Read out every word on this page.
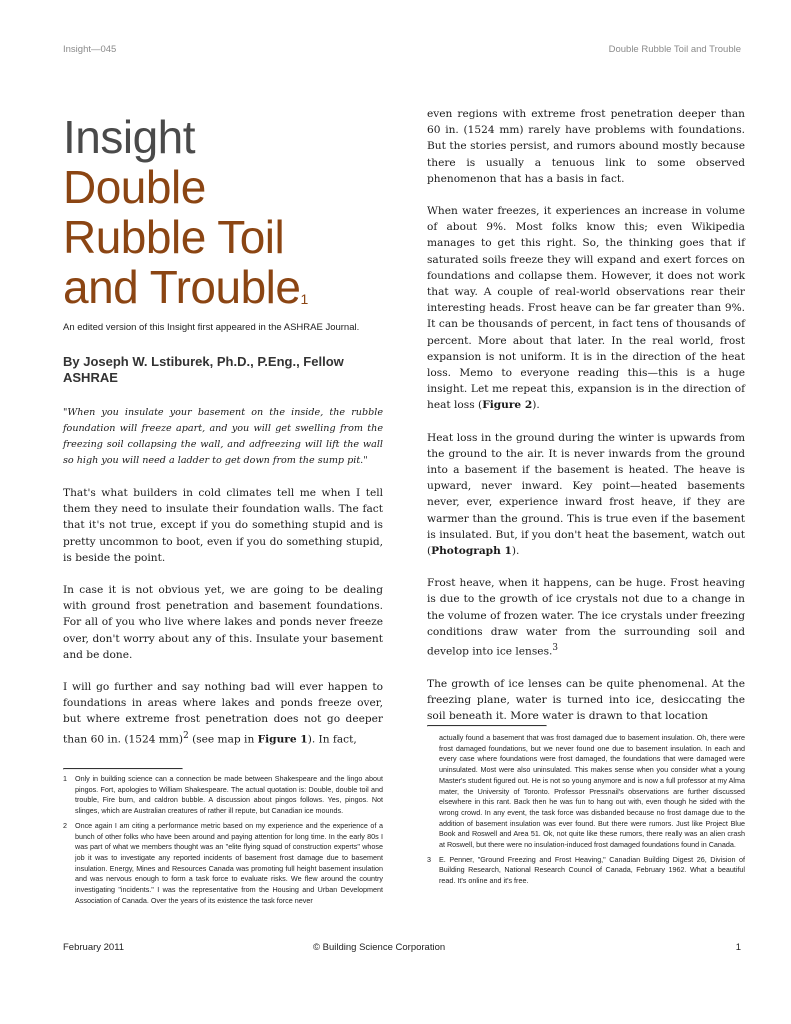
Insight—045	Double Rubble Toil and Trouble
Insight
Double
Rubble Toil
and Trouble$^1$

An edited version of this Insight first appeared in the ASHRAE Journal.

By Joseph W. Lstiburek, Ph.D., P.Eng., Fellow ASHRAE

"When you insulate your basement on the inside, the rubble foundation will freeze apart, and you will get swelling from the freezing soil collapsing the wall, and adfreezing will lift the wall so high you will need a ladder to get down from the sump pit."

That's what builders in cold climates tell me when I tell them they need to insulate their foundation walls. The fact that it's not true, except if you do something stupid and is pretty uncommon to boot, even if you do something stupid, is beside the point.

In case it is not obvious yet, we are going to be dealing with ground frost penetration and basement foundations. For all of you who live where lakes and ponds never freeze over, don't worry about any of this. Insulate your basement and be done.

I will go further and say nothing bad will ever happen to foundations in areas where lakes and ponds freeze over, but where extreme frost penetration does not go deeper than 60 in. (1524 mm)$^2$ (see map in Figure 1). In fact,

even regions with extreme frost penetration deeper than 60 in. (1524 mm) rarely have problems with foundations. But the stories persist, and rumors abound mostly because there is usually a tenuous link to some observed phenomenon that has a basis in fact.

When water freezes, it experiences an increase in volume of about 9%. Most folks know this; even Wikipedia manages to get this right. So, the thinking goes that if saturated soils freeze they will expand and exert forces on foundations and collapse them. However, it does not work that way. A couple of real-world observations rear their interesting heads. Frost heave can be far greater than 9%. It can be thousands of percent, in fact tens of thousands of percent. More about that later. In the real world, frost expansion is not uniform. It is in the direction of the heat loss. Memo to everyone reading this—this is a huge insight. Let me repeat this, expansion is in the direction of heat loss (Figure 2).

Heat loss in the ground during the winter is upwards from the ground to the air. It is never inwards from the ground into a basement if the basement is heated. The heave is upward, never inward. Key point—heated basements never, ever, experience inward frost heave, if they are warmer than the ground. This is true even if the basement is insulated. But, if you don't heat the basement, watch out (Photograph 1).

Frost heave, when it happens, can be huge. Frost heaving is due to the growth of ice crystals not due to a change in the volume of frozen water. The ice crystals under freezing conditions draw water from the surrounding soil and develop into ice lenses.$^3$

The growth of ice lenses can be quite phenomenal. At the freezing plane, water is turned into ice, desiccating the soil beneath it. More water is drawn to that location

1	Only in building science can a connection be made between Shakespeare and the lingo about pingos. Fort, apologies to William Shakespeare. The actual quotation is: Double, double toil and trouble, Fire burn, and caldron bubble. A discussion about pingos follows. Yes, pingos. Not slinges, which are Australian creatures of rather ill repute, but Canadian ice mounds.
2	Once again I am citing a performance metric based on my experience and the experience of a bunch of other folks who have been around and paying attention for long time. In the early 80s I was part of what we members thought was an "elite flying squad of construction experts" whose job it was to investigate any reported incidents of basement frost damage due to basement insulation. Energy, Mines and Resources Canada was promoting full height basement insulation and was nervous enough to form a task force to evaluate risks. We flew around the country investigating "incidents." I was the representative from the Housing and Urban Development Association of Canada. Over the years of its existence the task force never

actually found a basement that was frost damaged due to basement insulation. Oh, there were frost damaged foundations, but we never found one due to basement insulation. In each and every case where foundations were frost damaged, the foundations that were damaged were uninsulated. Most were also uninsulated. This makes sense when you consider what a young Master's student figured out. He is not so young anymore and is now a full professor at my Alma mater, the University of Toronto. Professor Pressnail's observations are further discussed elsewhere in this rant. Back then he was fun to hang out with, even though he sided with the wrong crowd. In any event, the task force was disbanded because no frost damage due to the addition of basement insulation was ever found. But there were rumors. Just like Project Blue Book and Roswell and Area 51. Ok, not quite like these rumors, there really was an alien crash at Roswell, but there were no insulation-induced frost damaged foundations found in Canada.

3	E. Penner, "Ground Freezing and Frost Heaving," Canadian Building Digest 26, Division of Building Research, National Research Council of Canada, February 1962. What a beautiful read. It's online and it's free.
February 2011	© Building Science Corporation	1
